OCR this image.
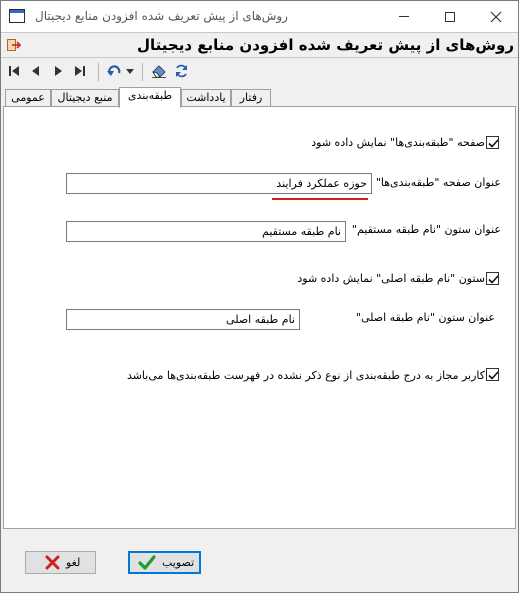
روش‌های از پیش تعریف شده افزودن منابع دیجیتال
روش‌های از پیش تعریف شده افزودن منابع دیجیتال
عمومی	منبع دیجیتال	طبقه‌بندی	یادداشت	رفتار
صفحه "طبقه‌بندی‌ها" نمایش داده شود
عنوان صفحه "طبقه‌بندی‌ها"
حوزه عملکرد فرایند
عنوان ستون "نام طبقه مستقیم"
نام طبقه مستقیم
ستون "نام طبقه اصلی" نمایش داده شود
عنوان ستون "نام طبقه اصلی"
نام طبقه اصلی
کاربر مجاز به درج طبقه‌بندی از نوع ذکر نشده در فهرست طبقه‌بندی‌ها می‌باشد
لغو	تصویب
